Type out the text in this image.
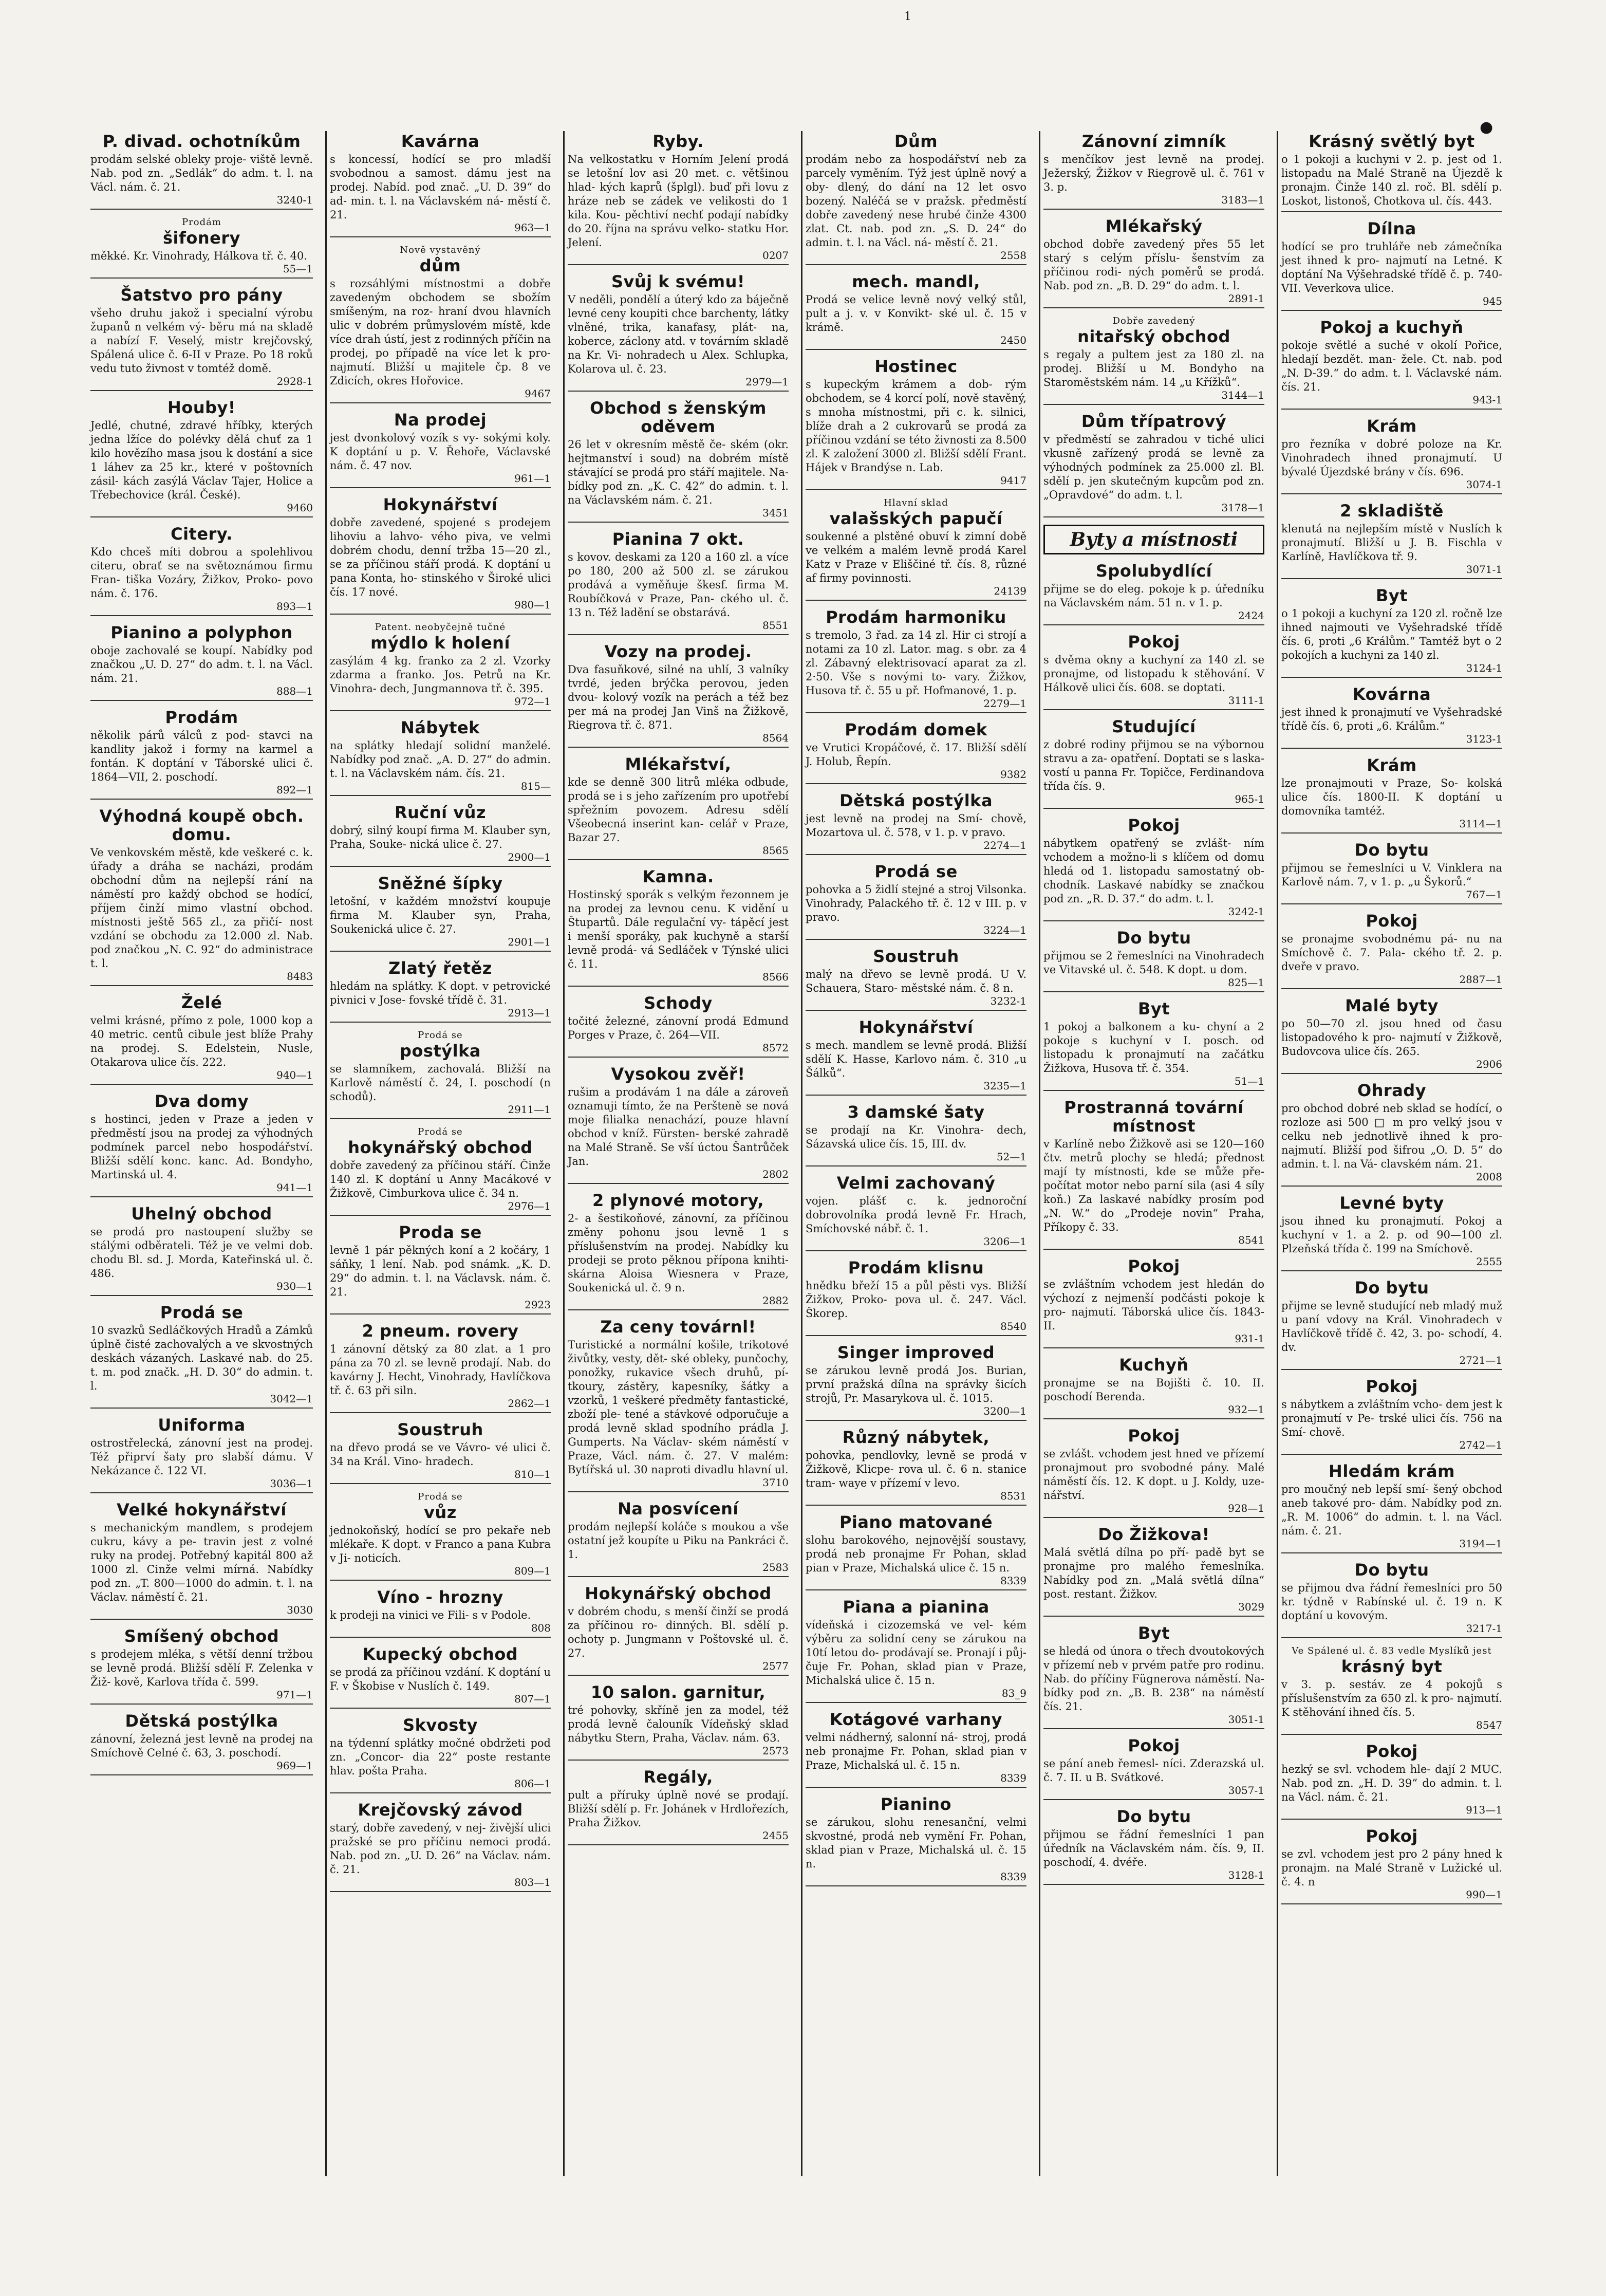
1
●
P. divad. ochotníkům

prodám selské obleky proje- viště levně. Nab. pod zn. „Sedlák“ do adm. t. l. na Václ. nám. č. 21.

3240-1
Prodám
šifonery

měkké. Kr. Vinohrady, Hálkova tř. č. 40.

55—1
Šatstvo pro pány

všeho druhu jakož i specialní výrobu županů n velkém vý- běru má na skladě a nabízí F. Veselý, mistr krejčovský, Spálená ulice č. 6-II v Praze. Po 18 roků vedu tuto živnost v tomtéž domě.

2928-1
Houby!

Jedlé, chutné, zdravé hříbky, kterých jedna lžíce do polévky dělá chuť za 1 kilo hovězího masa jsou k dostání a sice 1 láhev za 25 kr., které v poštovních zásil- kách zasýlá Václav Tajer, Holice a Třebechovice (král. České).

9460
Citery.

Kdo chceš míti dobrou a spolehlivou citeru, obrať se na světoznámou firmu Fran- tiška Vozáry, Žižkov, Proko- povo nám. č. 176.

893—1
Pianino a polyphon

oboje zachovalé se koupí. Nabídky pod značkou „U. D. 27“ do adm. t. l. na Václ. nám. 21.

888—1
Prodám

několik párů válců z pod- stavci na kandlity jakož i formy na karmel a fontán. K doptání v Táborské ulici č. 1864—VII, 2. poschodí.

892—1
Výhodná koupě obch. domu.

Ve venkovském městě, kde veškeré c. k. úřady a dráha se nacházi, prodám obchodní dům na nejlepší rání na náměstí pro každý obchod se hodící, příjem činží mimo vlastní obchod. místnosti ještě 565 zl., za přičí- nost vzdání se obchodu za 12.000 zl. Nab. pod značkou „N. C. 92“ do administrace t. l.

8483
Želé

velmi krásné, přímo z pole, 1000 kop a 40 metric. centů cibule jest blíže Prahy na prodej. S. Edelstein, Nusle, Otakarova ulice čís. 222.

940—1
Dva domy

s hostinci, jeden v Praze a jeden v předměstí jsou na prodej za výhodných podmínek parcel nebo hospodářství. Bližší sdělí konc. kanc. Ad. Bondyho, Martinská ul. 4.

941—1
Uhelný obchod

se prodá pro nastoupení služby se stálými odběrateli. Též je ve velmi dob. chodu Bl. sd. J. Morda, Kateřinská ul. č. 486.

930—1
Prodá se

10 svazků Sedláčkových Hradů a Zámků úplně čisté zachovalých a ve skvostných deskách vázaných. Laskavé nab. do 25. t. m. pod značk. „H. D. 30“ do admin. t. l.

3042—1
Uniforma

ostrostřelecká, zánovní jest na prodej. Též připrví šaty pro slabší dámu. V Nekázance č. 122 VI.

3036—1
Velké hokynářství

s mechanickým mandlem, s prodejem cukru, kávy a pe- travin jest z volné ruky na prodej. Potřebný kapitál 800 až 1000 zl. Cinže velmi mírná. Nabídky pod zn. „T. 800—1000 do admin. t. l. na Václav. náměstí č. 21.

3030
Smíšený obchod

s prodejem mléka, s větší denní tržbou se levně prodá. Bližší sdělí F. Zelenka v Žiž- kově, Karlova třída č. 599.

971—1
Dětská postýlka

zánovní, železná jest levně na prodej na Smíchově Celné č. 63, 3. poschodí.

969—1
Kavárna

s koncessí, hodící se pro mladší svobodnou a samost. dámu jest na prodej. Nabíd. pod znač. „U. D. 39“ do ad- min. t. l. na Václavském ná- městí č. 21.

963—1
Nově vystavěný
dům

s rozsáhlými místnostmi a dobře zavedeným obchodem se sbožím smíšeným, na roz- hraní dvou hlavních ulic v dobrém průmyslovém místě, kde více drah ústí, jest z rodinných příčin na prodej, po případě na více let k pro- najmutí. Bližší u majitele čp. 8 ve Zdicích, okres Hořovice.

9467
Na prodej

jest dvonkolový vozík s vy- sokými koly. K doptání u p. V. Řehoře, Václavské nám. č. 47 nov.

961—1
Hokynářství

dobře zavedené, spojené s prodejem lihoviu a lahvo- vého piva, ve velmi dobrém chodu, denní tržba 15—20 zl., se za příčinou stáří prodá. K doptání u pana Konta, ho- stinského v Široké ulici čís. 17 nové.

980—1
Patent. neobyčejně tučné
mýdlo k holení

zasýlám 4 kg. franko za 2 zl. Vzorky zdarma a franko. Jos. Petrů na Kr. Vinohra- dech, Jungmannova tř. č. 395.

972—1
Nábytek

na splátky hledají solidní manželé. Nabídky pod znač. „A. D. 27“ do admin. t. l. na Václavském nám. čís. 21.

815—
Ruční vůz

dobrý, silný koupí firma M. Klauber syn, Praha, Souke- nická ulice č. 27.

2900—1
Sněžné šípky

letošní, v každém množství koupuje firma M. Klauber syn, Praha, Soukenická ulice č. 27.

2901—1
Zlatý řetěz

hledám na splátky. K dopt. v petrovické pivnici v Jose- fovské třídě č. 31.

2913—1
Prodá se
postýlka

se slamníkem, zachovalá. Bližší na Karlově náměstí č. 24, I. poschodí (n schodů).

2911—1
Prodá se
hokynářský obchod

dobře zavedený za příčinou stáří. Činže 140 zl. K doptání u Anny Macákové v Žižkově, Cimburkova ulice č. 34 n.

2976—1
Proda se

levně 1 pár pěkných koní a 2 kočáry, 1 sáňky, 1 lení. Nab. pod snámk. „K. D. 29“ do admin. t. l. na Václavsk. nám. č. 21.

2923
2 pneum. rovery

1 zánovní dětský za 80 zlat. a 1 pro pána za 70 zl. se levně prodají. Nab. do kavárny J. Hecht, Vinohrady, Havlíčkova tř. č. 63 při siln.

2862—1
Soustruh

na dřevo prodá se ve Vávro- vé ulici č. 34 na Král. Vino- hradech.

810—1
Prodá se
vůz

jednokoňský, hodící se pro pekaře neb mlékaře. K dopt. v Franco a pana Kubra v Ji- noticích.

809—1
Víno - hrozny

k prodeji na vinici ve Fili- s v Podole.

808
Kupecký obchod

se prodá za příčinou vzdání. K doptání u F. v Škobise v Nuslích č. 149.

807—1
Skvosty

na týdenní splátky močné obdržeti pod zn. „Concor- dia 22“ poste restante hlav. pošta Praha.

806—1
Krejčovský závod

starý, dobře zavedený, v nej- živější ulici pražské se pro příčinu nemoci prodá. Nab. pod zn. „U. D. 26“ na Václav. nám. č. 21.

803—1
Ryby.

Na velkostatku v Horním Jelení prodá se letošní lov asi 20 met. c. většinou hlad- kých kaprů (šplgl). buď při lovu z hráze neb se zádek ve velikosti do 1 kila. Kou- pěchtiví nechť podají nabídky do 20. října na správu velko- statku Hor. Jelení.

0207
Svůj k svému!

V neděli, pondělí a úterý kdo za báječně levné ceny koupiti chce barchenty, látky vlněné, trika, kanafasy, plát- na, koberce, záclony atd. v továrním skladě na Kr. Vi- nohradech u Alex. Schlupka, Kolarova ul. č. 23.

2979—1
Obchod s ženským oděvem

26 let v okresním městě če- ském (okr. hejtmanství i soud) na dobrém místě stávající se prodá pro stáří majitele. Na- bídky pod zn. „K. C. 42“ do admin. t. l. na Václavském nám. č. 21.

3451
Pianina 7 okt.

s kovov. deskami za 120 a 160 zl. a více po 180, 200 až 500 zl. se zárukou prodává a vyměňuje škesf. firma M. Roubíčková v Praze, Pan- ckého ul. č. 13 n. Též ladění se obstarává.

8551
Vozy na prodej.

Dva fasuňkové, silné na uhlí, 3 valníky tvrdé, jeden brýčka perovou, jeden dvou- kolový vozík na perách a též bez per má na prodej Jan Vinš na Žižkově, Riegrova tř. č. 871.

8564
Mlékařství,

kde se denně 300 litrů mléka odbude, prodá se i s jeho zařízením pro upotřebí spřežním povozem. Adresu sdělí Všeobecná inserint kan- celář v Praze, Bazar 27.

8565
Kamna.

Hostinský sporák s velkým řezonnem je na prodej za levnou cenu. K vidění u Štupartů. Dále regulační vy- tápěcí jest i menší sporáky, pak kuchyně a starší levně prodá- vá Sedláček v Týnské ulici č. 11.

8566
Schody

točité železné, zánovní prodá Edmund Porges v Praze, č. 264—VII.

8572
Vysokou zvěř!

rušim a prodávám 1 na dále a zároveň oznamuji tímto, že na Peršteně se nová moje filialka nenachází, pouze hlavní obchod v kníž. Fürsten- berské zahradě na Malé Straně. Se vší úctou Šantrůček Jan.

2802
2 plynové motory,

2- a šestikoňové, zánovní, za příčinou změny pohonu jsou levně 1 s příslušenstvím na prodej. Nabídky ku prodeji se proto pěknou přípona knihti- skárna Aloisa Wiesnera v Praze, Soukenická ul. č. 9 n.

2882
Za ceny továrnl!

Turistické a normální košile, trikotové živůtky, vesty, dět- ské obleky, punčochy, ponožky, rukavice všech druhů, pí- tkoury, zástěry, kapesníky, šátky a vzorků, 1 veškeré předměty fantastické, zboží ple- tené a stávkové odporučuje a prodá levně sklad spodního prádla J. Gumperts. Na Václav- ském náměstí v Praze, Václ. nám. č. 27. V malém: Bytířská ul. 30 naproti divadlu hlavní ul.

3710
Na posvícení

prodám nejlepší koláče s moukou a vše ostatní jež koupíte u Piku na Pankráci č. 1.

2583
Hokynářský obchod

v dobrém chodu, s menší činží se prodá za příčinou ro- dinných. Bl. sdělí p. ochoty p. Jungmann v Poštovské ul. č. 27.

2577
10 salon. garnitur,

tré pohovky, skříně jen za model, též prodá levně čalouník Vídeňský sklad nábytku Stern, Praha, Václav. nám. 63.

2573
Regály,

pult a příruky úplně nové se prodají. Bližší sdělí p. Fr. Johánek v Hrdlořezích, Praha Žižkov.

2455
Dům

prodám nebo za hospodářství neb za parcely vyměním. Týž jest úplně nový a oby- dlený, do dání na 12 let osvo bozený. Naléčá se v pražsk. předměstí dobře zavedený nese hrubé činže 4300 zlat. Ct. nab. pod zn. „S. D. 24“ do admin. t. l. na Václ. ná- městí č. 21.

2558
mech. mandl,

Prodá se velice levně nový velký stůl, pult a j. v. v Konvikt- ské ul. č. 15 v krámě.

2450
Hostinec

s kupeckým krámem a dob- rým obchodem, se 4 korcí polí, nově stavěný, s mnoha místnostmi, při c. k. silnici, blíže drah a 2 cukrovarů se prodá za příčinou vzdání se této živnosti za 8.500 zl. K založení 3000 zl. Bližší sdělí Frant. Hájek v Brandýse n. Lab.

9417
Hlavní sklad
valašských papučí

soukenné a plstěné obuví k zimní době ve velkém a malém levně prodá Karel Katz v Praze v Eliščiné tř. čís. 8, různé af firmy povinnosti.

24139
Prodám harmoniku

s tremolo, 3 řad. za 14 zl. Hir ci strojí a notami za 10 zl. Lator. mag. s obr. za 4 zl. Zábavný elektrisovací aparat za zl. 2·50. Vše s novými to- vary. Žižkov, Husova tř. č. 55 u př. Hofmanové, 1. p.

2279—1
Prodám domek

ve Vrutici Kropáčové, č. 17. Bližší sdělí J. Holub, Řepín.

9382
Dětská postýlka

jest levně na prodej na Smí- chově, Mozartova ul. č. 578, v 1. p. v pravo.

2274—1
Prodá se

pohovka a 5 židlí stejné a stroj Vilsonka. Vinohrady, Palackého tř. č. 12 v III. p. v pravo.

3224—1
Soustruh

malý na dřevo se levně prodá. U V. Schauera, Staro- městské nám. č. 8 n.

3232-1
Hokynářství

s mech. mandlem se levně prodá. Bližší sdělí K. Hasse, Karlovo nám. č. 310 „u Šálků“.

3235—1
3 damské šaty

se prodají na Kr. Vinohra- dech, Sázavská ulice čís. 15, III. dv.

52—1
Velmi zachovaný

vojen. plášť c. k. jednoroční dobrovolníka prodá levně Fr. Hrach, Smíchovské nábř. č. 1.

3206—1
Prodám klisnu

hnědku břeží 15 a půl pěsti vys. Bližší Žižkov, Proko- pova ul. č. 247. Václ. Škorep.

8540
Singer improved

se zárukou levně prodá Jos. Burian, první pražská dílna na správky šicích strojů, Pr. Masarykova ul. č. 1015.

3200—1
Různý nábytek,

pohovka, pendlovky, levně se prodá v Žižkově, Klicpe- rova ul. č. 6 n. stanice tram- waye v přízemí v levo.

8531
Piano matované

slohu barokového, nejnovější soustavy, prodá neb pronajme Fr Pohan, sklad pian v Praze, Michalská ulice č. 15 n.

8339
Piana a pianina

vídeňská i cizozemská ve vel- kém výběru za solidní ceny se zárukou na 10tí letou do- prodávají se. Pronají i půj- čuje Fr. Pohan, sklad pian v Praze, Michalská ulice č. 15 n.

83_9
Kotágové varhany

velmi nádherný, salonní ná- stroj, prodá neb pronajme Fr. Pohan, sklad pian v Praze, Michalská ul. č. 15 n.

8339
Pianino

se zárukou, slohu renesanční, velmi skvostné, prodá neb vymění Fr. Pohan, sklad pian v Praze, Michalská ul. č. 15 n.

8339
Zánovní zimník

s menčíkov jest levně na prodej. Ježerský, Žižkov v Riegrově ul. č. 761 v 3. p.

3183—1
Mlékařský

obchod dobře zavedený přes 55 let starý s celým příslu- šenstvím za příčinou rodi- ných poměrů se prodá. Nab. pod zn. „B. D. 29“ do adm. t. l.

2891-1
Dobře zavedený
nitařský obchod

s regaly a pultem jest za 180 zl. na prodej. Bližší u M. Bondyho na Staroměstském nám. 14 „u Křížků“.

3144—1
Dům třípatrový

v předměstí se zahradou v tiché ulici vkusně zařízený prodá se levně za výhodných podmínek za 25.000 zl. Bl. sdělí p. jen skutečným kupcům pod zn. „Opravdové“ do adm. t. l.

3178—1
Byty a místnosti
Spolubydlící

přijme se do eleg. pokoje k p. úředníku na Václavském nám. 51 n. v 1. p.

2424
Pokoj

s dvěma okny a kuchyní za 140 zl. se pronajme, od listopadu k stěhování. V Hálkově ulici čís. 608. se doptati.

3111-1
Studující

z dobré rodiny přijmou se na výbornou stravu a za- opatření. Doptati se s laska- vostí u panna Fr. Topičce, Ferdinandova třída čís. 9.

965-1
Pokoj

nábytkem opatřený se zvlášt- ním vchodem a možno-li s klíčem od domu hledá od 1. listopadu samostatný ob- chodník. Laskavé nabídky se značkou pod zn. „R. D. 37.“ do adm. t. l.

3242-1
Do bytu

přijmou se 2 řemeslníci na Vinohradech ve Vitavské ul. č. 548. K dopt. u dom.

825—1
Byt

1 pokoj a balkonem a ku- chyní a 2 pokoje s kuchyní v I. posch. od listopadu k pronajmutí na začátku Žižkova, Husova tř. č. 354.

51—1
Prostranná tovární místnost

v Karlíně nebo Žižkově asi se 120—160 čtv. metrů plochy se hledá; přednost mají ty místnosti, kde se může pře- počítat motor nebo parní sila (asi 4 síly koň.) Za laskavé nabídky prosím pod „N. W.“ do „Prodeje novin“ Praha, Příkopy č. 33.

8541
Pokoj

se zvláštním vchodem jest hledán do výchozí z nejmenší podčásti pokoje k pro- najmutí. Táborská ulice čís. 1843-II.

931-1
Kuchyň

pronajme se na Bojišti č. 10. II. poschodí Berenda.

932—1
Pokoj

se zvlášt. vchodem jest hned ve přízemí pronajmout pro svobodné pány. Malé náměstí čís. 12. K dopt. u J. Koldy, uze- nářství.

928—1
Do Žižkova!

Malá světlá dílna po pří- padě byt se pronajme pro malého řemeslníka. Nabídky pod zn. „Malá světlá dílna“ post. restant. Žižkov.

3029
Byt

se hledá od února o třech dvoutokových v přízemí neb v prvém patře pro rodinu. Nab. do příčiny Fügnerova náměstí. Na- bídky pod zn. „B. B. 238“ na náměstí čís. 21.

3051-1
Pokoj

se pání aneb řemesl- níci. Zderazská ul. č. 7. II. u B. Svátkové.

3057-1
Do bytu

přijmou se řádní řemeslníci 1 pan úředník na Václavském nám. čís. 9, II. poschodí, 4. dvéře.

3128-1
Krásný světlý byt

o 1 pokoji a kuchyni v 2. p. jest od 1. listopadu na Malé Straně na Újezdě k pronajm. Činže 140 zl. roč. Bl. sdělí p. Loskot, listonoš, Chotkova ul. čís. 443.

Dílna

hodící se pro truhláře neb zámečníka jest ihned k pro- najmutí na Letné. K doptání Na Výšehradské třídě č. p. 740-VII. Veverkova ulice.

945
Pokoj a kuchyň

pokoje světlé a suché v okolí Pořice, hledají bezdět. man- žele. Ct. nab. pod „N. D-39.“ do adm. t. l. Václavské nám. čís. 21.

943-1
Krám

pro řezníka v dobré poloze na Kr. Vinohradech ihned pronajmutí. U bývalé Újezdské brány v čís. 696.

3074-1
2 skladiště

klenutá na nejlepším místě v Nuslích k pronajmutí. Bližší u J. B. Fischla v Karlíně, Havlíčkova tř. 9.

3071-1
Byt

o 1 pokoji a kuchyní za 120 zl. ročně lze ihned najmouti ve Vyšehradské třídě čís. 6, proti „6 Králům.“ Tamtéž byt o 2 pokojích a kuchyni za 140 zl.

3124-1
Kovárna

jest ihned k pronajmutí ve Vyšehradské třídě čís. 6, proti „6. Králům.“

3123-1
Krám

lze pronajmouti v Praze, So- kolská ulice čís. 1800-II. K doptání u domovníka tamtéž.

3114—1
Do bytu

přijmou se řemeslníci u V. Vinklera na Karlově nám. 7, v 1. p. „u Šykorů.“

767—1
Pokoj

se pronajme svobodnému pá- nu na Smíchově č. 7. Pala- ckého tř. 2. p. dveře v pravo.

2887—1
Malé byty

po 50—70 zl. jsou hned od času listopadového k pro- najmutí v Žižkově, Budovcova ulice čís. 265.

2906
Ohrady

pro obchod dobré neb sklad se hodící, o rozloze asi 500 □ m pro velký jsou v celku neb jednotlivě ihned k pro- najmutí. Bližší pod šifrou „O. D. 5“ do admin. t. l. na Vá- clavském nám. 21.

2008
Levné byty

jsou ihned ku pronajmutí. Pokoj a kuchyní v 1. a 2. p. od 90—100 zl. Plzeňská třída č. 199 na Smíchově.

2555
Do bytu

přijme se levně studující neb mladý muž u paní vdovy na Král. Vinohradech v Havlíčkově třídě č. 42, 3. po- schodí, 4. dv.

2721—1
Pokoj

s nábytkem a zvláštním vcho- dem jest k pronajmutí v Pe- trské ulici čís. 756 na Smí- chově.

2742—1
Hledám krám

pro moučný neb lepší smí- šený obchod aneb takové pro- dám. Nabídky pod zn. „R. M. 1006“ do admin. t. l. na Václ. nám. č. 21.

3194—1
Do bytu

se přijmou dva řádní řemeslníci pro 50 kr. týdně v Rabínské ul. č. 19 n. K doptání u kovovým.

3217-1
Ve Spálené ul. č. 83 vedle Myslíků jest
krásný byt

v 3. p. sestáv. ze 4 pokojů s příslušenstvím za 650 zl. k pro- najmutí. K stěhování ihned čís. 5.

8547
Pokoj

hezký se svl. vchodem hle- dají 2 MUC. Nab. pod zn. „H. D. 39“ do admin. t. l. na Václ. nám. č. 21.

913—1
Pokoj

se zvl. vchodem jest pro 2 pány hned k pronajm. na Malé Straně v Lužické ul. č. 4. n

990—1
